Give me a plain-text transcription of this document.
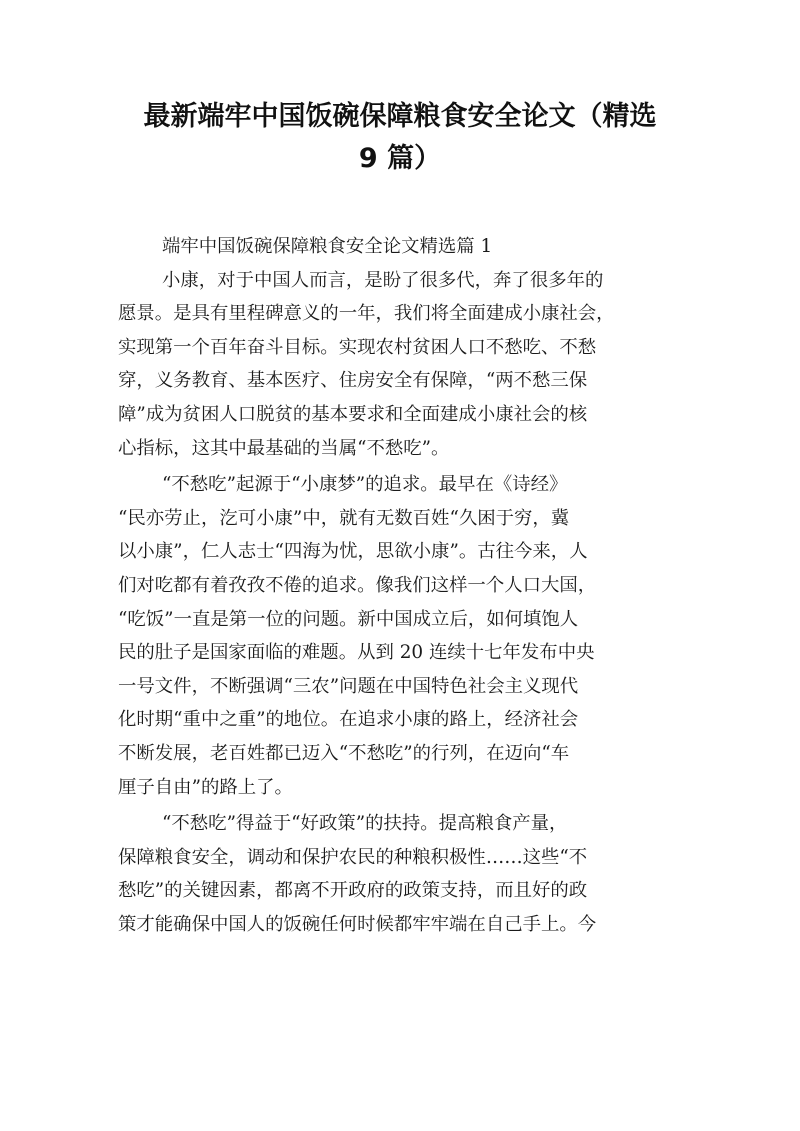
最新端牢中国饭碗保障粮食安全论文（精选
9 篇）
端牢中国饭碗保障粮食安全论文精选篇 1
小康，对于中国人而言，是盼了很多代，奔了很多年的
愿景。是具有里程碑意义的一年，我们将全面建成小康社会，
实现第一个百年奋斗目标。实现农村贫困人口不愁吃、不愁
穿，义务教育、基本医疗、住房安全有保障，“两不愁三保
障”成为贫困人口脱贫的基本要求和全面建成小康社会的核
心指标，这其中最基础的当属“不愁吃”。
“不愁吃”起源于“小康梦”的追求。最早在《诗经》
“民亦劳止，汔可小康”中，就有无数百姓“久困于穷，冀
以小康”，仁人志士“四海为忧，思欲小康”。古往今来，人
们对吃都有着孜孜不倦的追求。像我们这样一个人口大国，
“吃饭”一直是第一位的问题。新中国成立后，如何填饱人
民的肚子是国家面临的难题。从到 20 连续十七年发布中央
一号文件，不断强调“三农”问题在中国特色社会主义现代
化时期“重中之重”的地位。在追求小康的路上，经济社会
不断发展，老百姓都已迈入“不愁吃”的行列，在迈向“车
厘子自由”的路上了。
“不愁吃”得益于“好政策”的扶持。提高粮食产量，
保障粮食安全，调动和保护农民的种粮积极性……这些“不
愁吃”的关键因素，都离不开政府的政策支持，而且好的政
策才能确保中国人的饭碗任何时候都牢牢端在自己手上。今
